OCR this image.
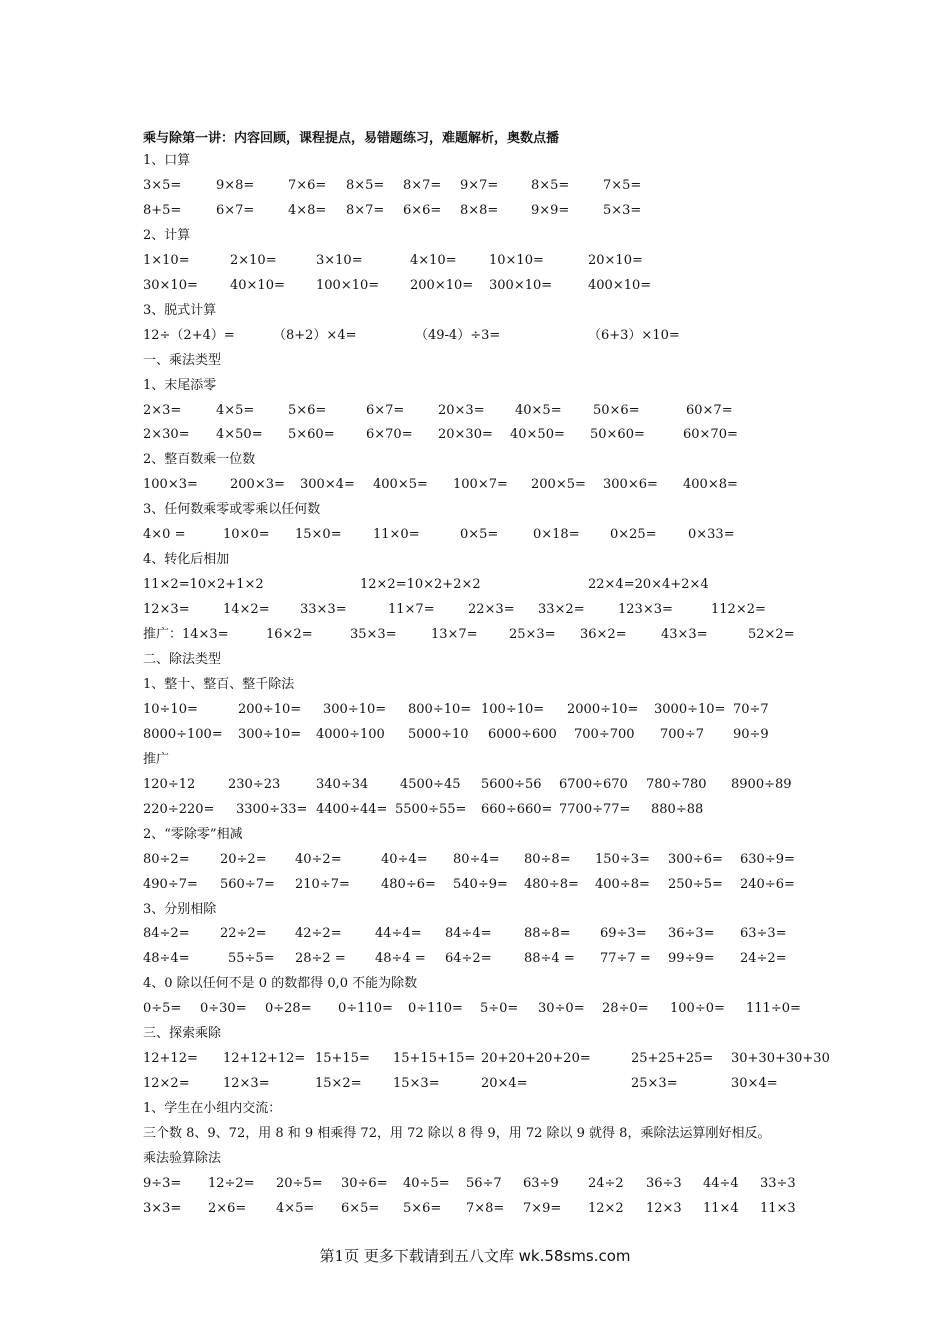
乘与除第一讲：内容回顾，课程提点，易错题练习，难题解析，奥数点播
1、口算
3×5=	9×8=	7×6= 8×5= 8×7= 9×7=	8×5=	7×5=
8+5=	6×7=	4×8= 8×7= 6×6= 8×8=	9×9=	5×3=
2、计算
1×10=	2×10=	3×10=	4×10= 10×10=	20×10=
30×10= 40×10= 100×10= 200×10= 300×10=	400×10=
3、脱式计算
12÷（2+4）=	（8+2）×4=	（49-4）÷3=	（6+3）×10=
一、乘法类型
1、末尾添零
2×3=	4×5=	5×6=	6×7=	20×3= 40×5= 50×6=	60×7=
2×30= 4×50= 5×60= 6×70= 20×30= 40×50= 50×60=	60×70=
2、整百数乘一位数
100×3= 200×3= 300×4= 400×5= 100×7= 200×5= 300×6= 400×8=
3、任何数乘零或零乘以任何数
4×0 =	10×0= 15×0= 11×0=	0×5=	0×18= 0×25= 0×33=
4、转化后相加
11×2=10×2+1×2	12×2=10×2+2×2	22×4=20×4+2×4
12×3=	14×2= 33×3=	11×7=	22×3= 33×2=	123×3=	112×2=
推广：14×3=	16×2=	35×3=	13×7= 25×3= 36×2=	43×3=	52×2=
二、除法类型
1、整十、整百、整千除法
10÷10=	200÷10= 300÷10= 800÷10= 100÷10= 2000÷10= 3000÷10= 70÷7
8000÷100= 300÷10= 4000÷100 5000÷10 6000÷600 700÷700 700÷7 90÷9
推广
120÷12	230÷23	340÷34 4500÷45 5600÷56 6700÷670 780÷780 8900÷89
220÷220= 3300÷33= 4400÷44= 5500÷55= 660÷660= 7700÷77= 880÷88
2、“零除零”相减
80÷2= 20÷2= 40÷2=	40÷4= 80÷4= 80÷8= 150÷3= 300÷6= 630÷9=
490÷7= 560÷7= 210÷7= 480÷6= 540÷9= 480÷8= 400÷8= 250÷5= 240÷6=
3、分别相除
84÷2= 22÷2= 42÷2=	44÷4= 84÷4= 88÷8= 69÷3= 36÷3= 63÷3=
48÷4=	55÷5= 28÷2 = 48÷4 = 64÷2= 88÷4 = 77÷7 = 99÷9= 24÷2=
4、0 除以任何不是 0 的数都得 0,0 不能为除数
0÷5= 0÷30= 0÷28= 0÷110= 0÷110= 5÷0= 30÷0= 28÷0= 100÷0= 111÷0=
三、探索乘除
12+12= 12+12+12= 15+15= 15+15+15= 20+20+20+20=	25+25+25= 30+30+30+30
12×2=	12×3=	15×2= 15×3=	20×4=	25×3=	30×4=
1、学生在小组内交流：
三个数 8、9、72，用 8 和 9 相乘得 72，用 72 除以 8 得 9，用 72 除以 9 就得 8，乘除法运算刚好相反。
乘法验算除法
9÷3= 12÷2= 20÷5= 30÷6= 40÷5= 56÷7 63÷9 24÷2 36÷3 44÷4 33÷3
3×3= 2×6= 4×5= 6×5= 5×6= 7×8= 7×9= 12×2 12×3 11×4 11×3
第1页 更多下载请到五八文库 wk.58sms.com
